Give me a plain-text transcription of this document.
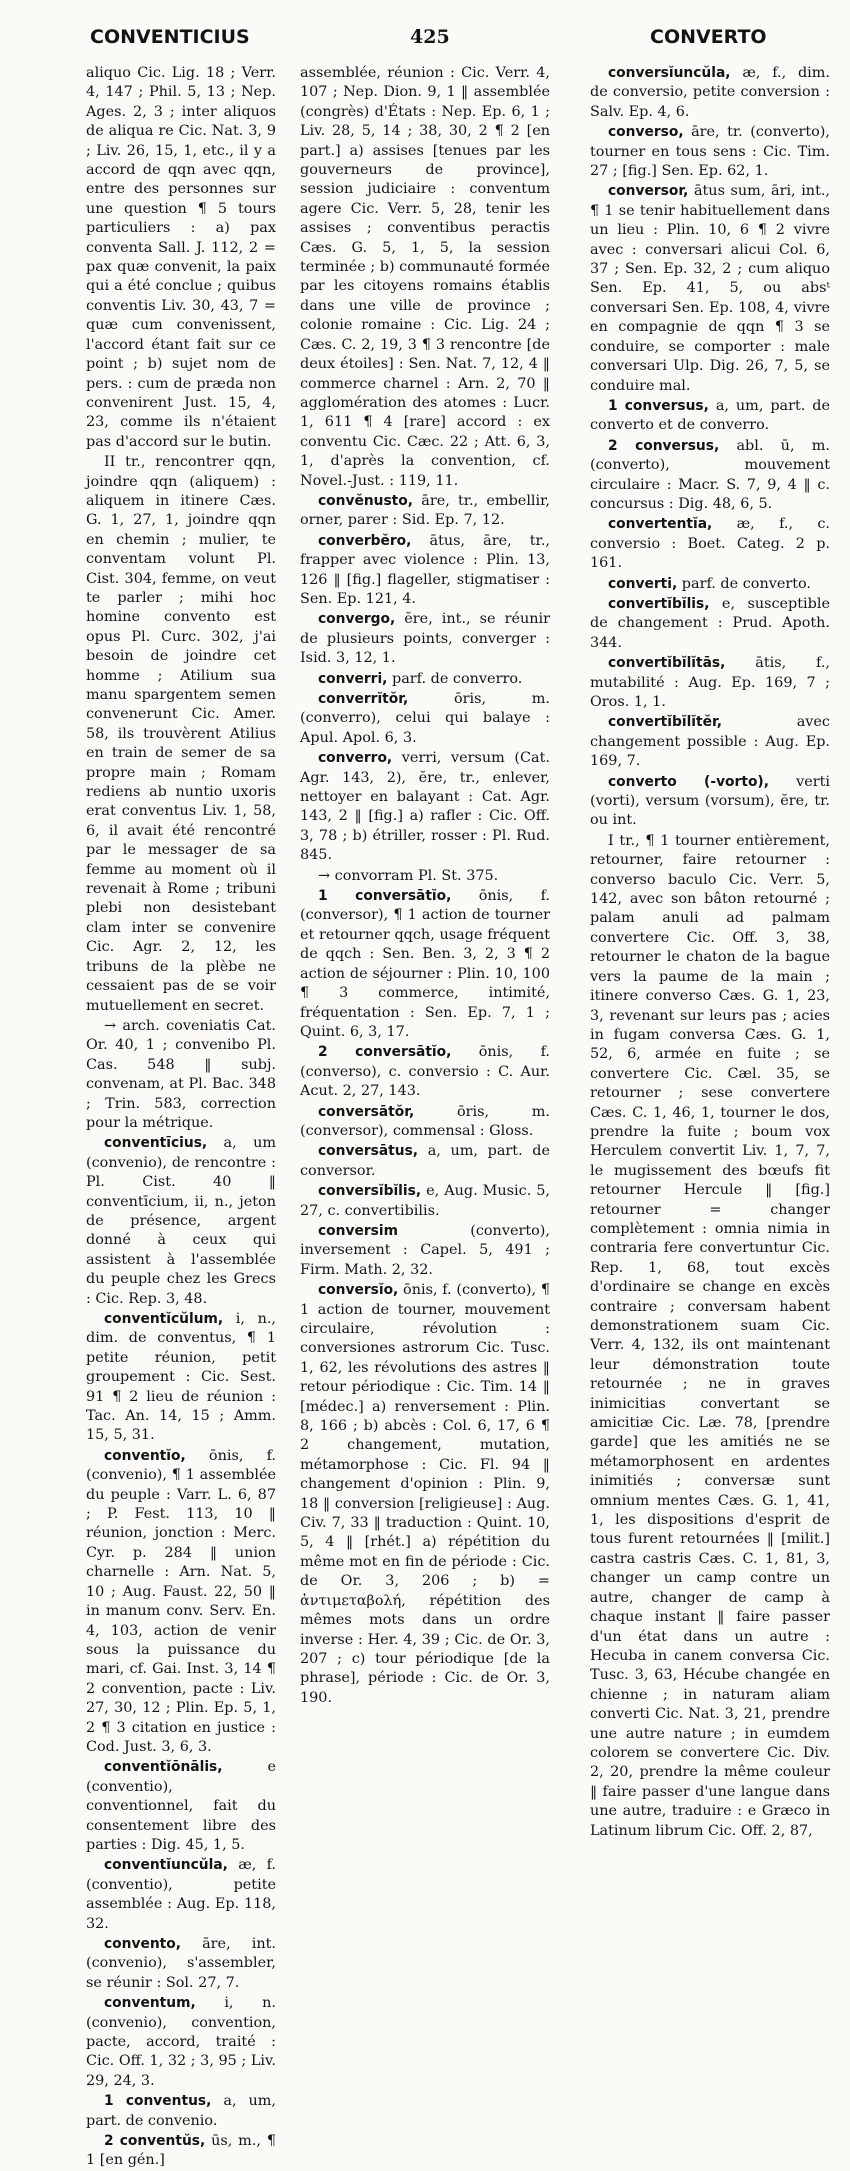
CONVENTICIUS	425	CONVERTO

aliquo Cic. Lig. 18 ; Verr. 4, 147 ; Phil. 5, 13 ; Nep. Ages. 2, 3 ; inter aliquos de aliqua re Cic. Nat. 3, 9 ; Liv. 26, 15, 1, etc., il y a accord de qqn avec qqn, entre des personnes sur une question ¶ 5 tours particuliers : a) pax conventa Sall. J. 112, 2 = pax quæ convenit, la paix qui a été conclue ; quibus conventis Liv. 30, 43, 7 = quæ cum convenissent, l'accord étant fait sur ce point ; b) sujet nom de pers. : cum de præda non convenirent Just. 15, 4, 23, comme ils n'étaient pas d'accord sur le butin.

II tr., rencontrer qqn, joindre qqn (aliquem) : aliquem in itinere Cæs. G. 1, 27, 1, joindre qqn en chemin ; mulier, te conventam volunt Pl. Cist. 304, femme, on veut te parler ; mihi hoc homine convento est opus Pl. Curc. 302, j'ai besoin de joindre cet homme ; Atilium sua manu spargentem semen convenerunt Cic. Amer. 58, ils trouvèrent Atilius en train de semer de sa propre main ; Romam rediens ab nuntio uxoris erat conventus Liv. 1, 58, 6, il avait été rencontré par le messager de sa femme au moment où il revenait à Rome ; tribuni plebi non desistebant clam inter se convenire Cic. Agr. 2, 12, les tribuns de la plèbe ne cessaient pas de se voir mutuellement en secret.

→ arch. coveniatis Cat. Or. 40, 1 ; convenibo Pl. Cas. 548 ‖ subj. convenam, at Pl. Bac. 348 ; Trin. 583, correction pour la métrique.

conventīcius, a, um (convenio), de rencontre : Pl. Cist. 40 ‖ conventīcium, ii, n., jeton de présence, argent donné à ceux qui assistent à l'assemblée du peuple chez les Grecs : Cic. Rep. 3, 48.

conventĭcŭlum, i, n., dim. de conventus, ¶ 1 petite réunion, petit groupement : Cic. Sest. 91 ¶ 2 lieu de réunion : Tac. An. 14, 15 ; Amm. 15, 5, 31.

conventĭo, ōnis, f. (convenio), ¶ 1 assemblée du peuple : Varr. L. 6, 87 ; P. Fest. 113, 10 ‖ réunion, jonction : Merc. Cyr. p. 284 ‖ union charnelle : Arn. Nat. 5, 10 ; Aug. Faust. 22, 50 ‖ in manum conv. Serv. En. 4, 103, action de venir sous la puissance du mari, cf. Gai. Inst. 3, 14 ¶ 2 convention, pacte : Liv. 27, 30, 12 ; Plin. Ep. 5, 1, 2 ¶ 3 citation en justice : Cod. Just. 3, 6, 3.

conventĭōnālis,	e (conventio), conventionnel, fait du consentement libre des parties : Dig. 45, 1, 5.

conventĭuncŭla, æ, f. (conventio), petite assemblée : Aug. Ep. 118, 32.

convento, āre, int. (convenio), s'assembler, se réunir : Sol. 27, 7.

conventum, i, n. (convenio), convention, pacte, accord, traité : Cic. Off. 1, 32 ; 3, 95 ; Liv. 29, 24, 3.

1 conventus, a, um, part. de convenio.

2 conventŭs, ūs, m., ¶ 1 [en gén.]

assemblée, réunion : Cic. Verr. 4, 107 ; Nep. Dion. 9, 1 ‖ assemblée (congrès) d'États : Nep. Ep. 6, 1 ; Liv. 28, 5, 14 ; 38, 30, 2 ¶ 2 [en part.] a) assises [tenues par les gouverneurs de province], session judiciaire : conventum agere Cic. Verr. 5, 28, tenir les assises ; conventibus peractis Cæs. G. 5, 1, 5, la session terminée ; b) communauté formée par les citoyens romains établis dans une ville de province ; colonie romaine : Cic. Lig. 24 ; Cæs. C. 2, 19, 3 ¶ 3 rencontre [de deux étoiles] : Sen. Nat. 7, 12, 4 ‖ commerce charnel : Arn. 2, 70 ‖ agglomération des atomes : Lucr. 1, 611 ¶ 4 [rare] accord : ex conventu Cic. Cæc. 22 ; Att. 6, 3, 1, d'après la convention, cf. Novel.-Just. : 119, 11.

convĕnusto, āre, tr., embellir, orner, parer : Sid. Ep. 7, 12.

converbĕro, ātus, āre, tr., frapper avec violence : Plin. 13, 126 ‖ [fig.] flageller, stigmatiser : Sen. Ep. 121, 4.

convergo, ĕre, int., se réunir de plusieurs points, converger : Isid. 3, 12, 1.

converri, parf. de converro.

converrĭtŏr,	ōris, m. (converro), celui qui balaye : Apul. Apol. 6, 3.

converro, verri, versum (Cat. Agr. 143, 2), ĕre, tr., enlever, nettoyer en balayant : Cat. Agr. 143, 2 ‖ [fig.] a) rafler : Cic. Off. 3, 78 ; b) étriller, rosser : Pl. Rud. 845.

→ convorram Pl. St. 375.

1 conversātĭo, ōnis, f. (conversor), ¶ 1 action de tourner et retourner qqch, usage fréquent de qqch : Sen. Ben. 3, 2, 3 ¶ 2 action de séjourner : Plin. 10, 100 ¶ 3 commerce, intimité, fréquentation : Sen. Ep. 7, 1 ; Quint. 6, 3, 17.

2 conversātĭo, ōnis, f. (converso), c. conversio : C. Aur. Acut. 2, 27, 143.

conversātŏr,	ōris, m. (conversor), commensal : Gloss.

conversātus, a, um, part. de conversor.

conversĭbĭlis, e, Aug. Music. 5, 27, c. convertibilis.

conversim	(converto), inversement : Capel. 5, 491 ; Firm. Math. 2, 32.

conversĭo, ōnis, f. (converto), ¶ 1 action de tourner, mouvement circulaire, révolution : conversiones astrorum Cic. Tusc. 1, 62, les révolutions des astres ‖ retour périodique : Cic. Tim. 14 ‖ [médec.] a) renversement : Plin. 8, 166 ; b) abcès : Col. 6, 17, 6 ¶ 2 changement, mutation, métamorphose : Cic. Fl. 94 ‖ changement d'opinion : Plin. 9, 18 ‖ conversion [religieuse] : Aug. Civ. 7, 33 ‖ traduction : Quint. 10, 5, 4 ‖ [rhét.] a) répétition du même mot en fin de période : Cic. de Or. 3, 206 ; b) = ἀντιμεταβολή, répétition des mêmes mots dans un ordre inverse : Her. 4, 39 ; Cic. de Or. 3, 207 ; c) tour périodique [de la phrase], période : Cic. de Or. 3, 190.

conversĭuncŭla, æ, f., dim. de conversio, petite conversion : Salv. Ep. 4, 6.

converso, āre, tr. (converto), tourner en tous sens : Cic. Tim. 27 ; [fig.] Sen. Ep. 62, 1.

conversor, ātus sum, āri, int., ¶ 1 se tenir habituellement dans un lieu : Plin. 10, 6 ¶ 2 vivre avec : conversari alicui Col. 6, 37 ; Sen. Ep. 32, 2 ; cum aliquo Sen. Ep. 41, 5, ou absᵗ conversari Sen. Ep. 108, 4, vivre en compagnie de qqn ¶ 3 se conduire, se comporter : male conversari Ulp. Dig. 26, 7, 5, se conduire mal.

1 conversus, a, um, part. de converto et de converro.

2 conversus, abl. ū, m. (converto), mouvement circulaire : Macr. S. 7, 9, 4 ‖ c. concursus : Dig. 48, 6, 5.

convertentĭa, æ, f., c. conversio : Boet. Categ. 2 p. 161.

converti, parf. de converto.

convertĭbĭlis, e, susceptible de changement : Prud. Apoth. 344.

convertĭbĭlĭtās, ātis, f., mutabilité : Aug. Ep. 169, 7 ; Oros. 1, 1.

convertĭbĭlĭtĕr,	avec changement possible : Aug. Ep. 169, 7.

converto (-vorto), verti (vorti), versum (vorsum), ĕre, tr. ou int.

I tr., ¶ 1 tourner entièrement, retourner, faire retourner : converso baculo Cic. Verr. 5, 142, avec son bâton retourné ; palam anuli ad palmam convertere Cic. Off. 3, 38, retourner le chaton de la bague vers la paume de la main ; itinere converso Cæs. G. 1, 23, 3, revenant sur leurs pas ; acies in fugam conversa Cæs. G. 1, 52, 6, armée en fuite ; se convertere Cic. Cæl. 35, se retourner ; sese convertere Cæs. C. 1, 46, 1, tourner le dos, prendre la fuite ; boum vox Herculem convertit Liv. 1, 7, 7, le mugissement des bœufs fit retourner Hercule ‖ [fig.] retourner = changer complètement : omnia nimia in contraria fere convertuntur Cic. Rep. 1, 68, tout excès d'ordinaire se change en excès contraire ; conversam habent demonstrationem suam Cic. Verr. 4, 132, ils ont maintenant leur démonstration toute retournée ; ne in graves inimicitias convertant se amicitiæ Cic. Læ. 78, [prendre garde] que les amitiés ne se métamorphosent en ardentes inimitiés ; conversæ sunt omnium mentes Cæs. G. 1, 41, 1, les dispositions d'esprit de tous furent retournées ‖ [milit.] castra castris Cæs. C. 1, 81, 3, changer un camp contre un autre, changer de camp à chaque instant ‖ faire passer d'un état dans un autre : Hecuba in canem conversa Cic. Tusc. 3, 63, Hécube changée en chienne ; in naturam aliam converti Cic. Nat. 3, 21, prendre une autre nature ; in eumdem colorem se convertere Cic. Div. 2, 20, prendre la même couleur ‖ faire passer d'une langue dans une autre, traduire : e Græco in Latinum librum Cic. Off. 2, 87,
